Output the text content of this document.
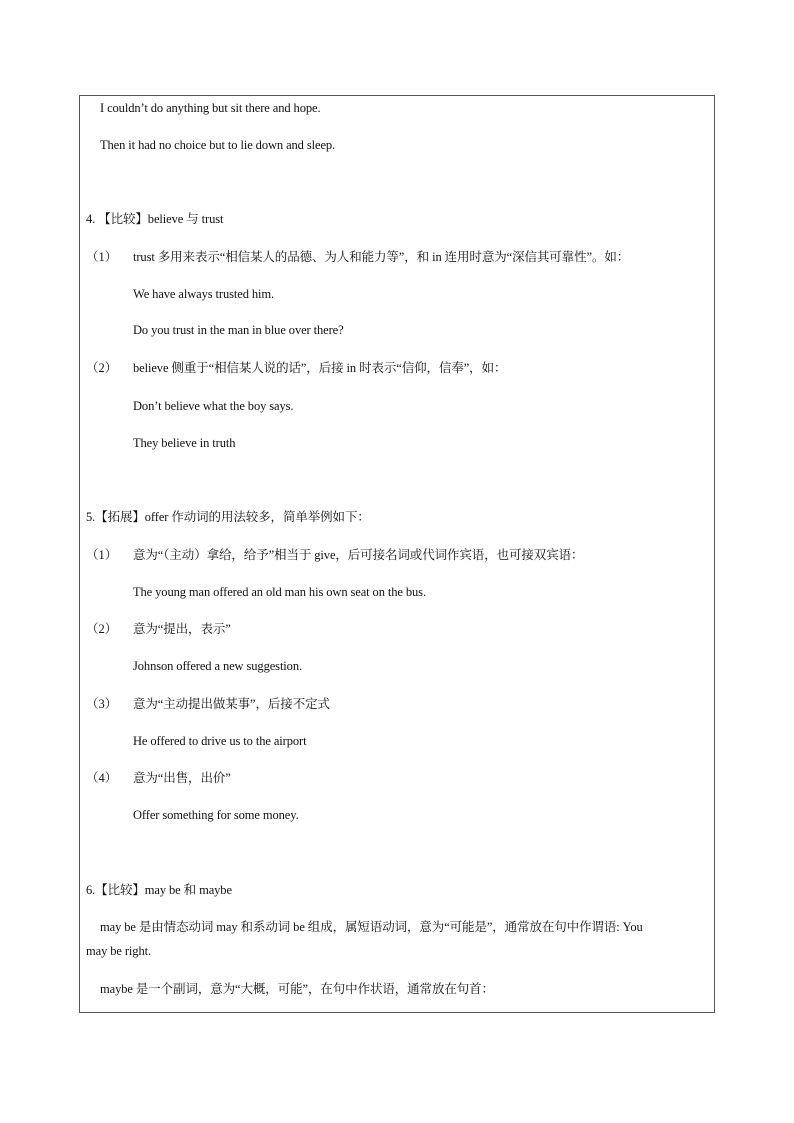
I couldn’t do anything but sit there and hope.
Then it had no choice but to lie down and sleep.
4. 【比较】believe 与 trust
（1） trust 多用来表示“相信某人的品德、为人和能力等”，和 in 连用时意为“深信其可靠性”。如：
We have always trusted him.
Do you trust in the man in blue over there?
（2） believe 侧重于“相信某人说的话”，后接 in 时表示“信仰，信奉”，如：
Don’t believe what the boy says.
They believe in truth
5.【拓展】offer 作动词的用法较多，简单举例如下：
（1） 意为“（主动）拿给，给予”相当于 give，后可接名词或代词作宾语，也可接双宾语：
The young man offered an old man his own seat on the bus.
（2） 意为“提出，表示”
Johnson offered a new suggestion.
（3） 意为“主动提出做某事”，后接不定式
He offered to drive us to the airport
（4） 意为“出售，出价”
Offer something for some money.
6.【比较】may be 和 maybe
may be 是由情态动词 may 和系动词 be 组成，属短语动词，意为“可能是”，通常放在句中作谓语: You
may be right.
maybe 是一个副词，意为“大概，可能”，在句中作状语，通常放在句首：
